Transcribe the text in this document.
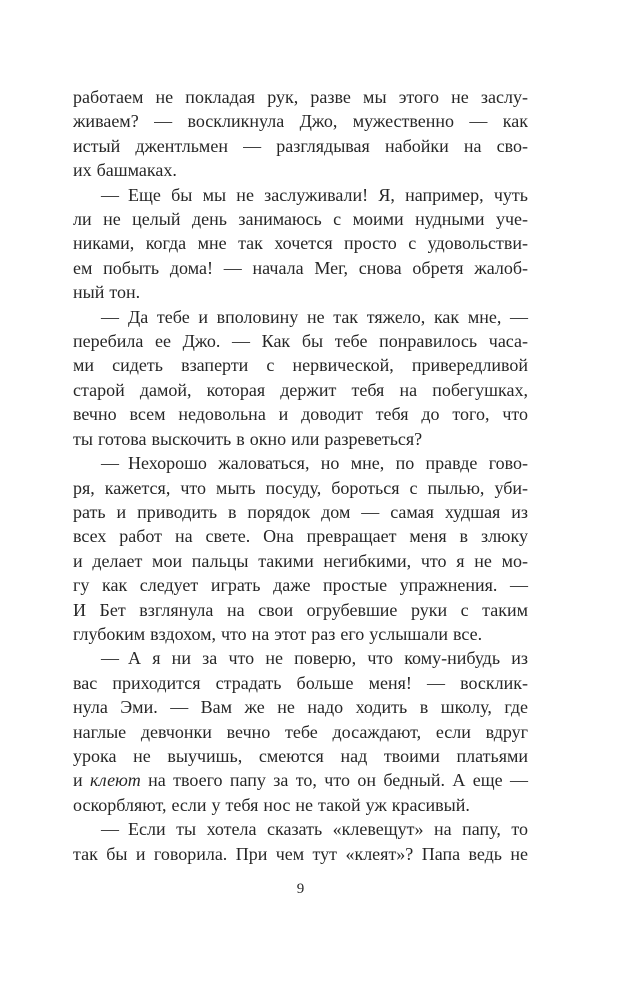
работаем не покладая рук, разве мы этого не заслу-
живаем? — воскликнула Джо, мужественно — как
истый джентльмен — разглядывая набойки на сво-
их башмаках.
— Еще бы мы не заслуживали! Я, например, чуть
ли не целый день занимаюсь с моими нудными уче-
никами, когда мне так хочется просто с удовольстви-
ем побыть дома! — начала Мег, снова обретя жалоб-
ный тон.
— Да тебе и вполовину не так тяжело, как мне, —
перебила ее Джо. — Как бы тебе понравилось часа-
ми сидеть взаперти с нервической, привередливой
старой дамой, которая держит тебя на побегушках,
вечно всем недовольна и доводит тебя до того, что
ты готова выскочить в окно или разреветься?
— Нехорошо жаловаться, но мне, по правде гово-
ря, кажется, что мыть посуду, бороться с пылью, уби-
рать и приводить в порядок дом — самая худшая из
всех работ на свете. Она превращает меня в злюку
и делает мои пальцы такими негибкими, что я не мо-
гу как следует играть даже простые упражнения. —
И Бет взглянула на свои огрубевшие руки с таким
глубоким вздохом, что на этот раз его услышали все.
— А я ни за что не поверю, что кому-нибудь из
вас приходится страдать больше меня! — восклик-
нула Эми. — Вам же не надо ходить в школу, где
наглые девчонки вечно тебе досаждают, если вдруг
урока не выучишь, смеются над твоими платьями
и клеют на твоего папу за то, что он бедный. А еще —
оскорбляют, если у тебя нос не такой уж красивый.
— Если ты хотела сказать «клевещут» на папу, то
так бы и говорила. При чем тут «клеят»? Папа ведь не
9
